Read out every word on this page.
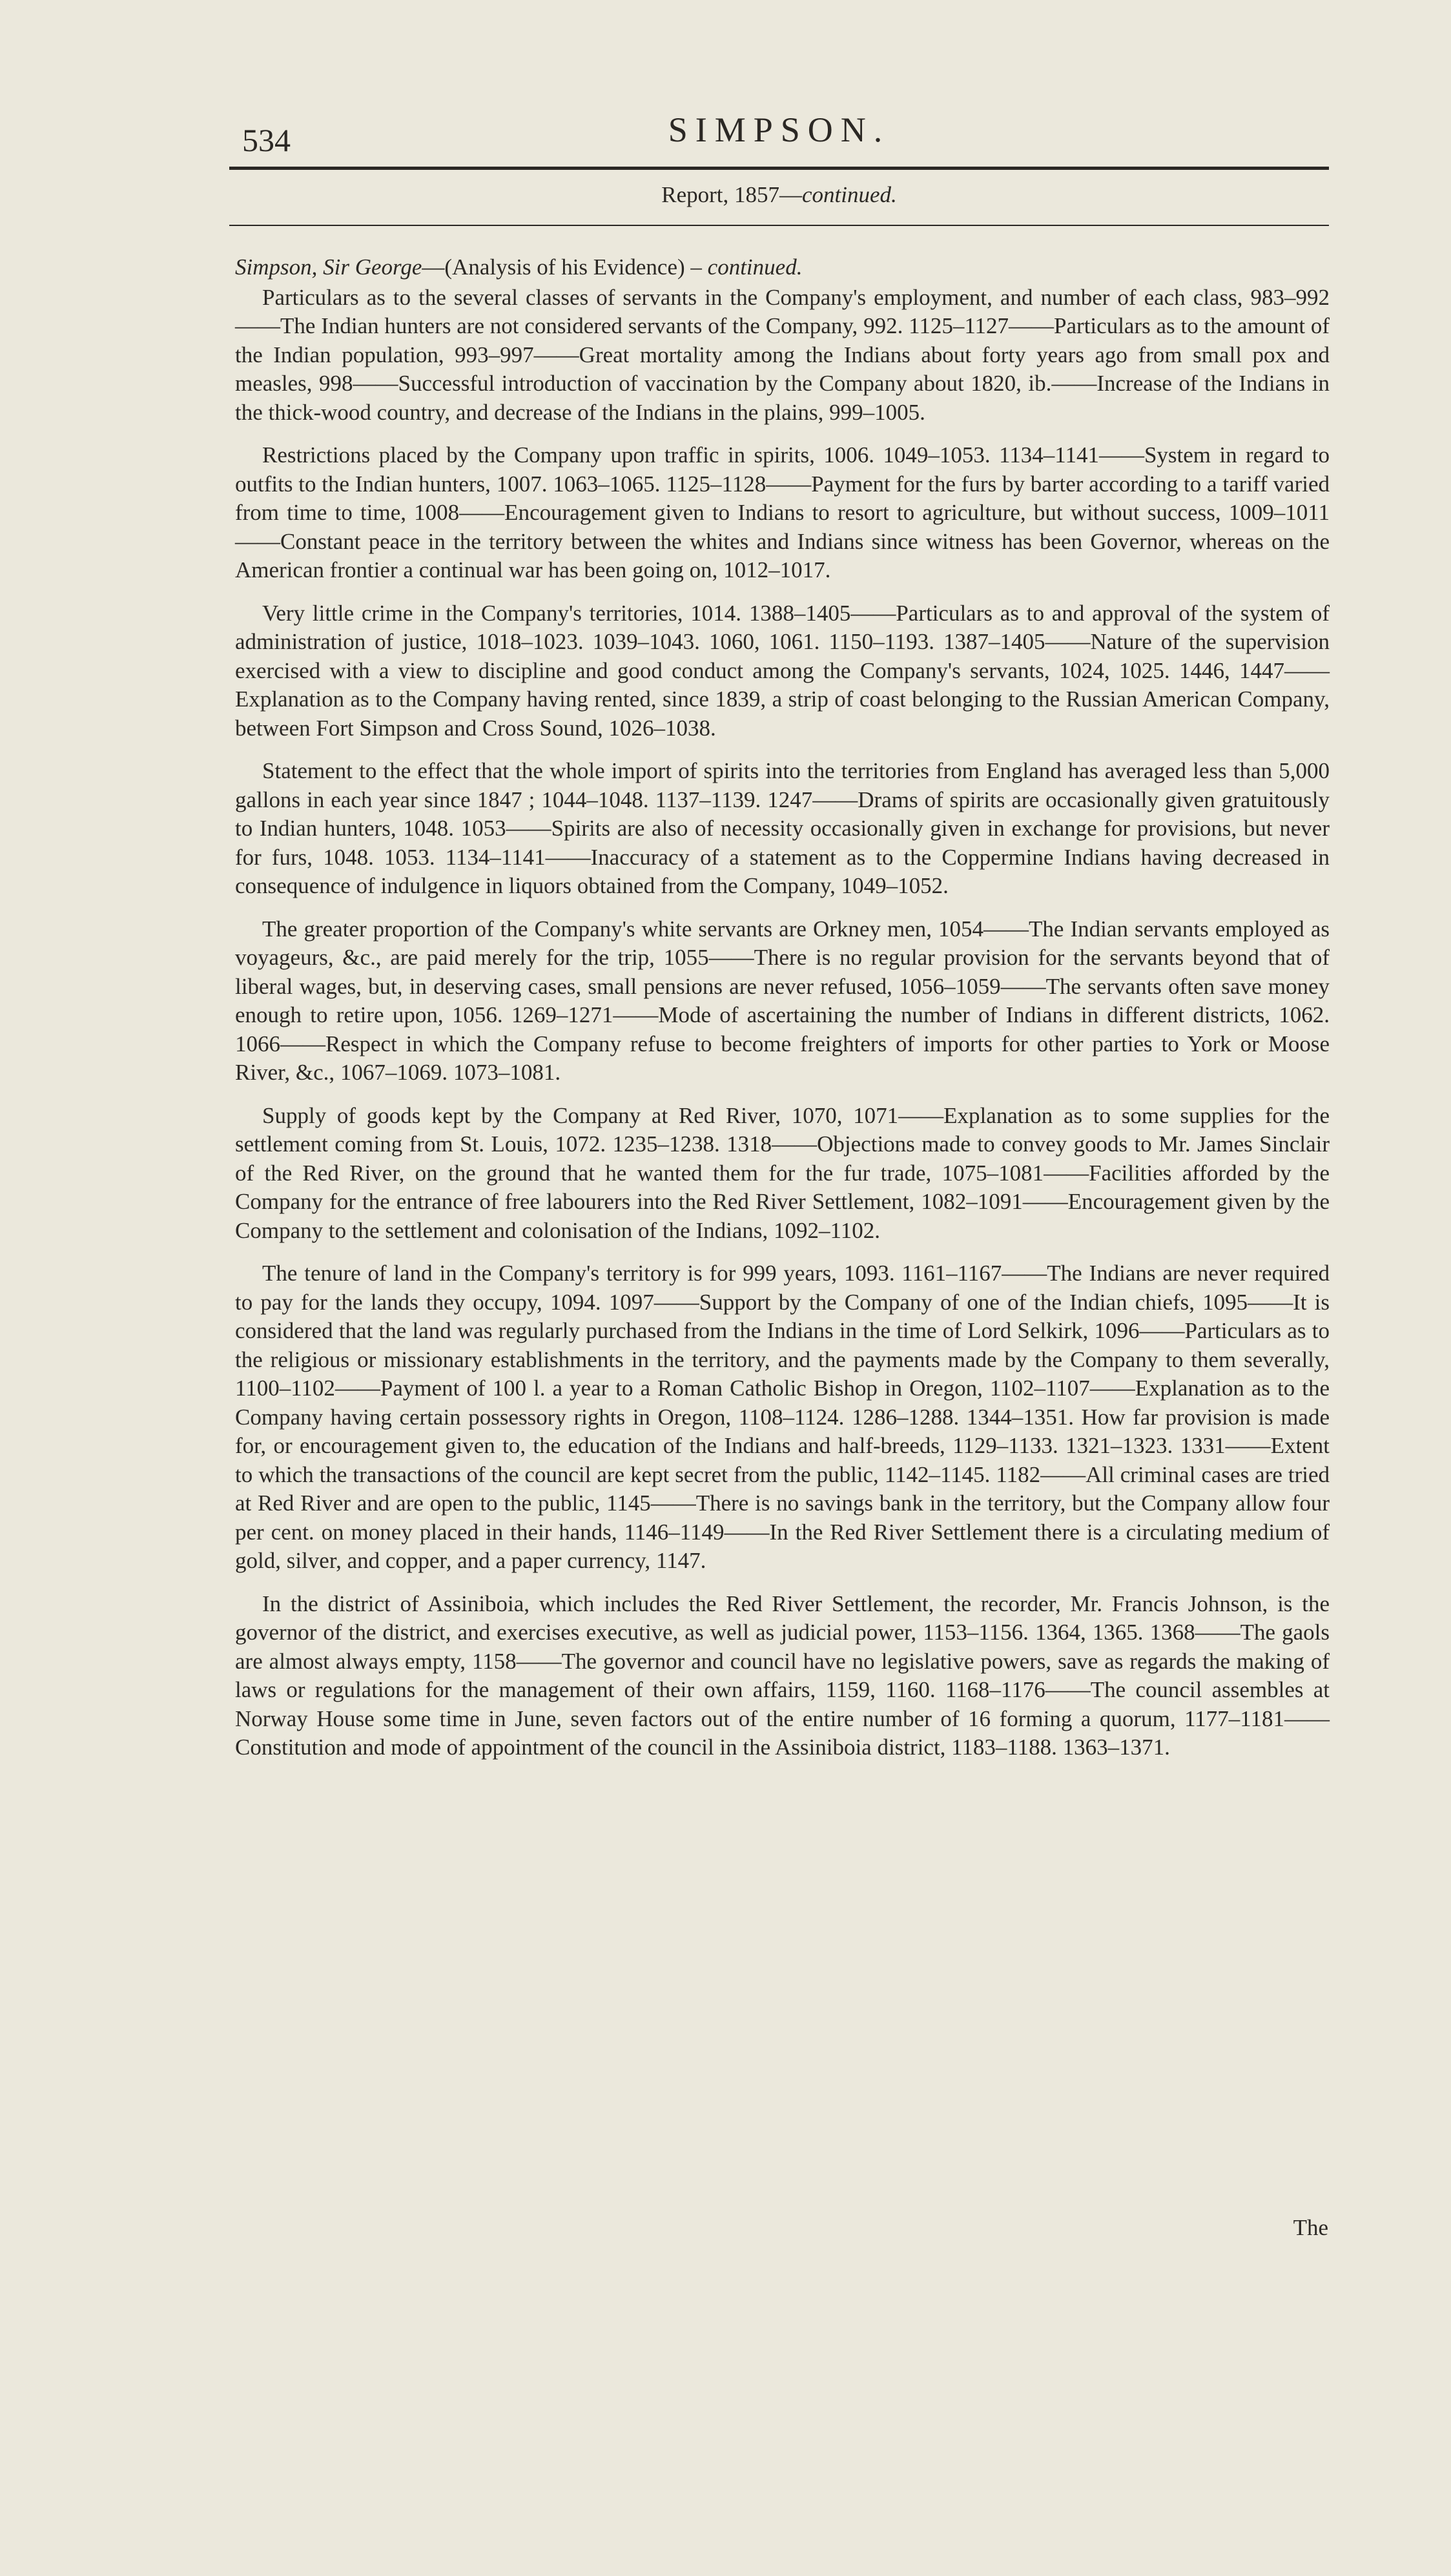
534	SIMPSON.
Report, 1857—continued.
Simpson, Sir George—(Analysis of his Evidence) – continued.

Particulars as to the several classes of servants in the Company's employment, and number of each class, 983–992——The Indian hunters are not considered servants of the Company, 992. 1125–1127——Particulars as to the amount of the Indian population, 993–997——Great mortality among the Indians about forty years ago from small pox and measles, 998——Successful introduction of vaccination by the Company about 1820, ib.——Increase of the Indians in the thick-wood country, and decrease of the Indians in the plains, 999–1005.

Restrictions placed by the Company upon traffic in spirits, 1006. 1049–1053. 1134–1141——System in regard to outfits to the Indian hunters, 1007. 1063–1065. 1125–1128——Payment for the furs by barter according to a tariff varied from time to time, 1008——Encouragement given to Indians to resort to agriculture, but without success, 1009–1011——Constant peace in the territory between the whites and Indians since witness has been Governor, whereas on the American frontier a continual war has been going on, 1012–1017.

Very little crime in the Company's territories, 1014. 1388–1405——Particulars as to and approval of the system of administration of justice, 1018–1023. 1039–1043. 1060, 1061. 1150–1193. 1387–1405——Nature of the supervision exercised with a view to discipline and good conduct among the Company's servants, 1024, 1025. 1446, 1447——Explanation as to the Company having rented, since 1839, a strip of coast belonging to the Russian American Company, between Fort Simpson and Cross Sound, 1026–1038.

Statement to the effect that the whole import of spirits into the territories from England has averaged less than 5,000 gallons in each year since 1847 ; 1044–1048. 1137–1139. 1247——Drams of spirits are occasionally given gratuitously to Indian hunters, 1048. 1053——Spirits are also of necessity occasionally given in exchange for provisions, but never for furs, 1048. 1053. 1134–1141——Inaccuracy of a statement as to the Coppermine Indians having decreased in consequence of indulgence in liquors obtained from the Company, 1049–1052.

The greater proportion of the Company's white servants are Orkney men, 1054——The Indian servants employed as voyageurs, &c., are paid merely for the trip, 1055——There is no regular provision for the servants beyond that of liberal wages, but, in deserving cases, small pensions are never refused, 1056–1059——The servants often save money enough to retire upon, 1056. 1269–1271——Mode of ascertaining the number of Indians in different districts, 1062. 1066——Respect in which the Company refuse to become freighters of imports for other parties to York or Moose River, &c., 1067–1069. 1073–1081.

Supply of goods kept by the Company at Red River, 1070, 1071——Explanation as to some supplies for the settlement coming from St. Louis, 1072. 1235–1238. 1318——Objections made to convey goods to Mr. James Sinclair of the Red River, on the ground that he wanted them for the fur trade, 1075–1081——Facilities afforded by the Company for the entrance of free labourers into the Red River Settlement, 1082–1091——Encouragement given by the Company to the settlement and colonisation of the Indians, 1092–1102.

The tenure of land in the Company's territory is for 999 years, 1093. 1161–1167——The Indians are never required to pay for the lands they occupy, 1094. 1097——Support by the Company of one of the Indian chiefs, 1095——It is considered that the land was regularly purchased from the Indians in the time of Lord Selkirk, 1096——Particulars as to the religious or missionary establishments in the territory, and the payments made by the Company to them severally, 1100–1102——Payment of 100 l. a year to a Roman Catholic Bishop in Oregon, 1102–1107——Explanation as to the Company having certain possessory rights in Oregon, 1108–1124. 1286–1288. 1344–1351. How far provision is made for, or encouragement given to, the education of the Indians and half-breeds, 1129–1133. 1321–1323. 1331——Extent to which the transactions of the council are kept secret from the public, 1142–1145. 1182——All criminal cases are tried at Red River and are open to the public, 1145——There is no savings bank in the territory, but the Company allow four per cent. on money placed in their hands, 1146–1149——In the Red River Settlement there is a circulating medium of gold, silver, and copper, and a paper currency, 1147.

In the district of Assiniboia, which includes the Red River Settlement, the recorder, Mr. Francis Johnson, is the governor of the district, and exercises executive, as well as judicial power, 1153–1156. 1364, 1365. 1368——The gaols are almost always empty, 1158——The governor and council have no legislative powers, save as regards the making of laws or regulations for the management of their own affairs, 1159, 1160. 1168–1176——The council assembles at Norway House some time in June, seven factors out of the entire number of 16 forming a quorum, 1177–1181——Constitution and mode of appointment of the council in the Assiniboia district, 1183–1188. 1363–1371.

The
